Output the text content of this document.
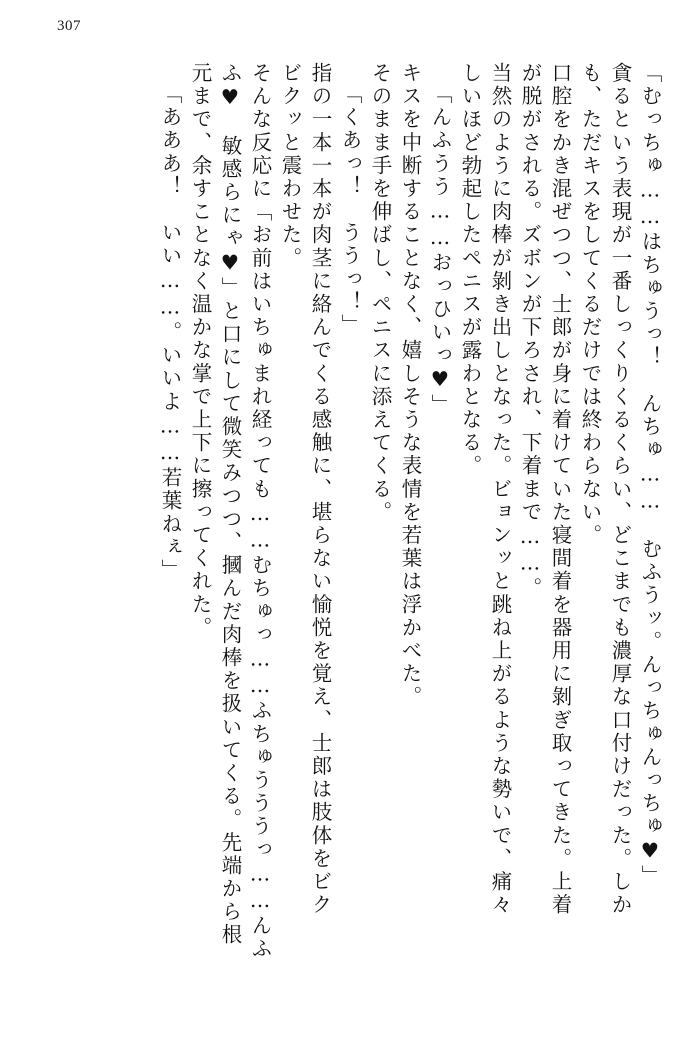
307
「むっちゅ……はちゅうっ！　んちゅ……　むふうッ。んっちゅんっちゅ♥」
貪るという表現が一番しっくりくるくらい、どこまでも濃厚な口付けだった。しか
も、ただキスをしてくるだけでは終わらない。
口腔をかき混ぜつつ、士郎が身に着けていた寝間着を器用に剝ぎ取ってきた。上着
が脱がされる。ズボンが下ろされ、下着まで……。
当然のように肉棒が剝き出しとなった。ビョンッと跳ね上がるような勢いで、痛々
しいほど勃起したペニスが露わとなる。
「んふうう……おっひいっ♥」
キスを中断することなく、嬉しそうな表情を若葉は浮かべた。
そのまま手を伸ばし、ペニスに添えてくる。
「くあっ！　ううっ！」
指の一本一本が肉茎に絡んでくる感触に、堪らない愉悦を覚え、士郎は肢体をビク
ビクッと震わせた。
そんな反応に「お前はいちゅまれ経っても……むちゅっ……ふちゅうううっ……んふ
ふ♥　敏感らにゃ♥」と口にして微笑みつつ、摑んだ肉棒を扱いてくる。先端から根
元まで、余すことなく温かな掌で上下に擦ってくれた。
「あああ！　いい……。いいよ……若葉ねぇ」
